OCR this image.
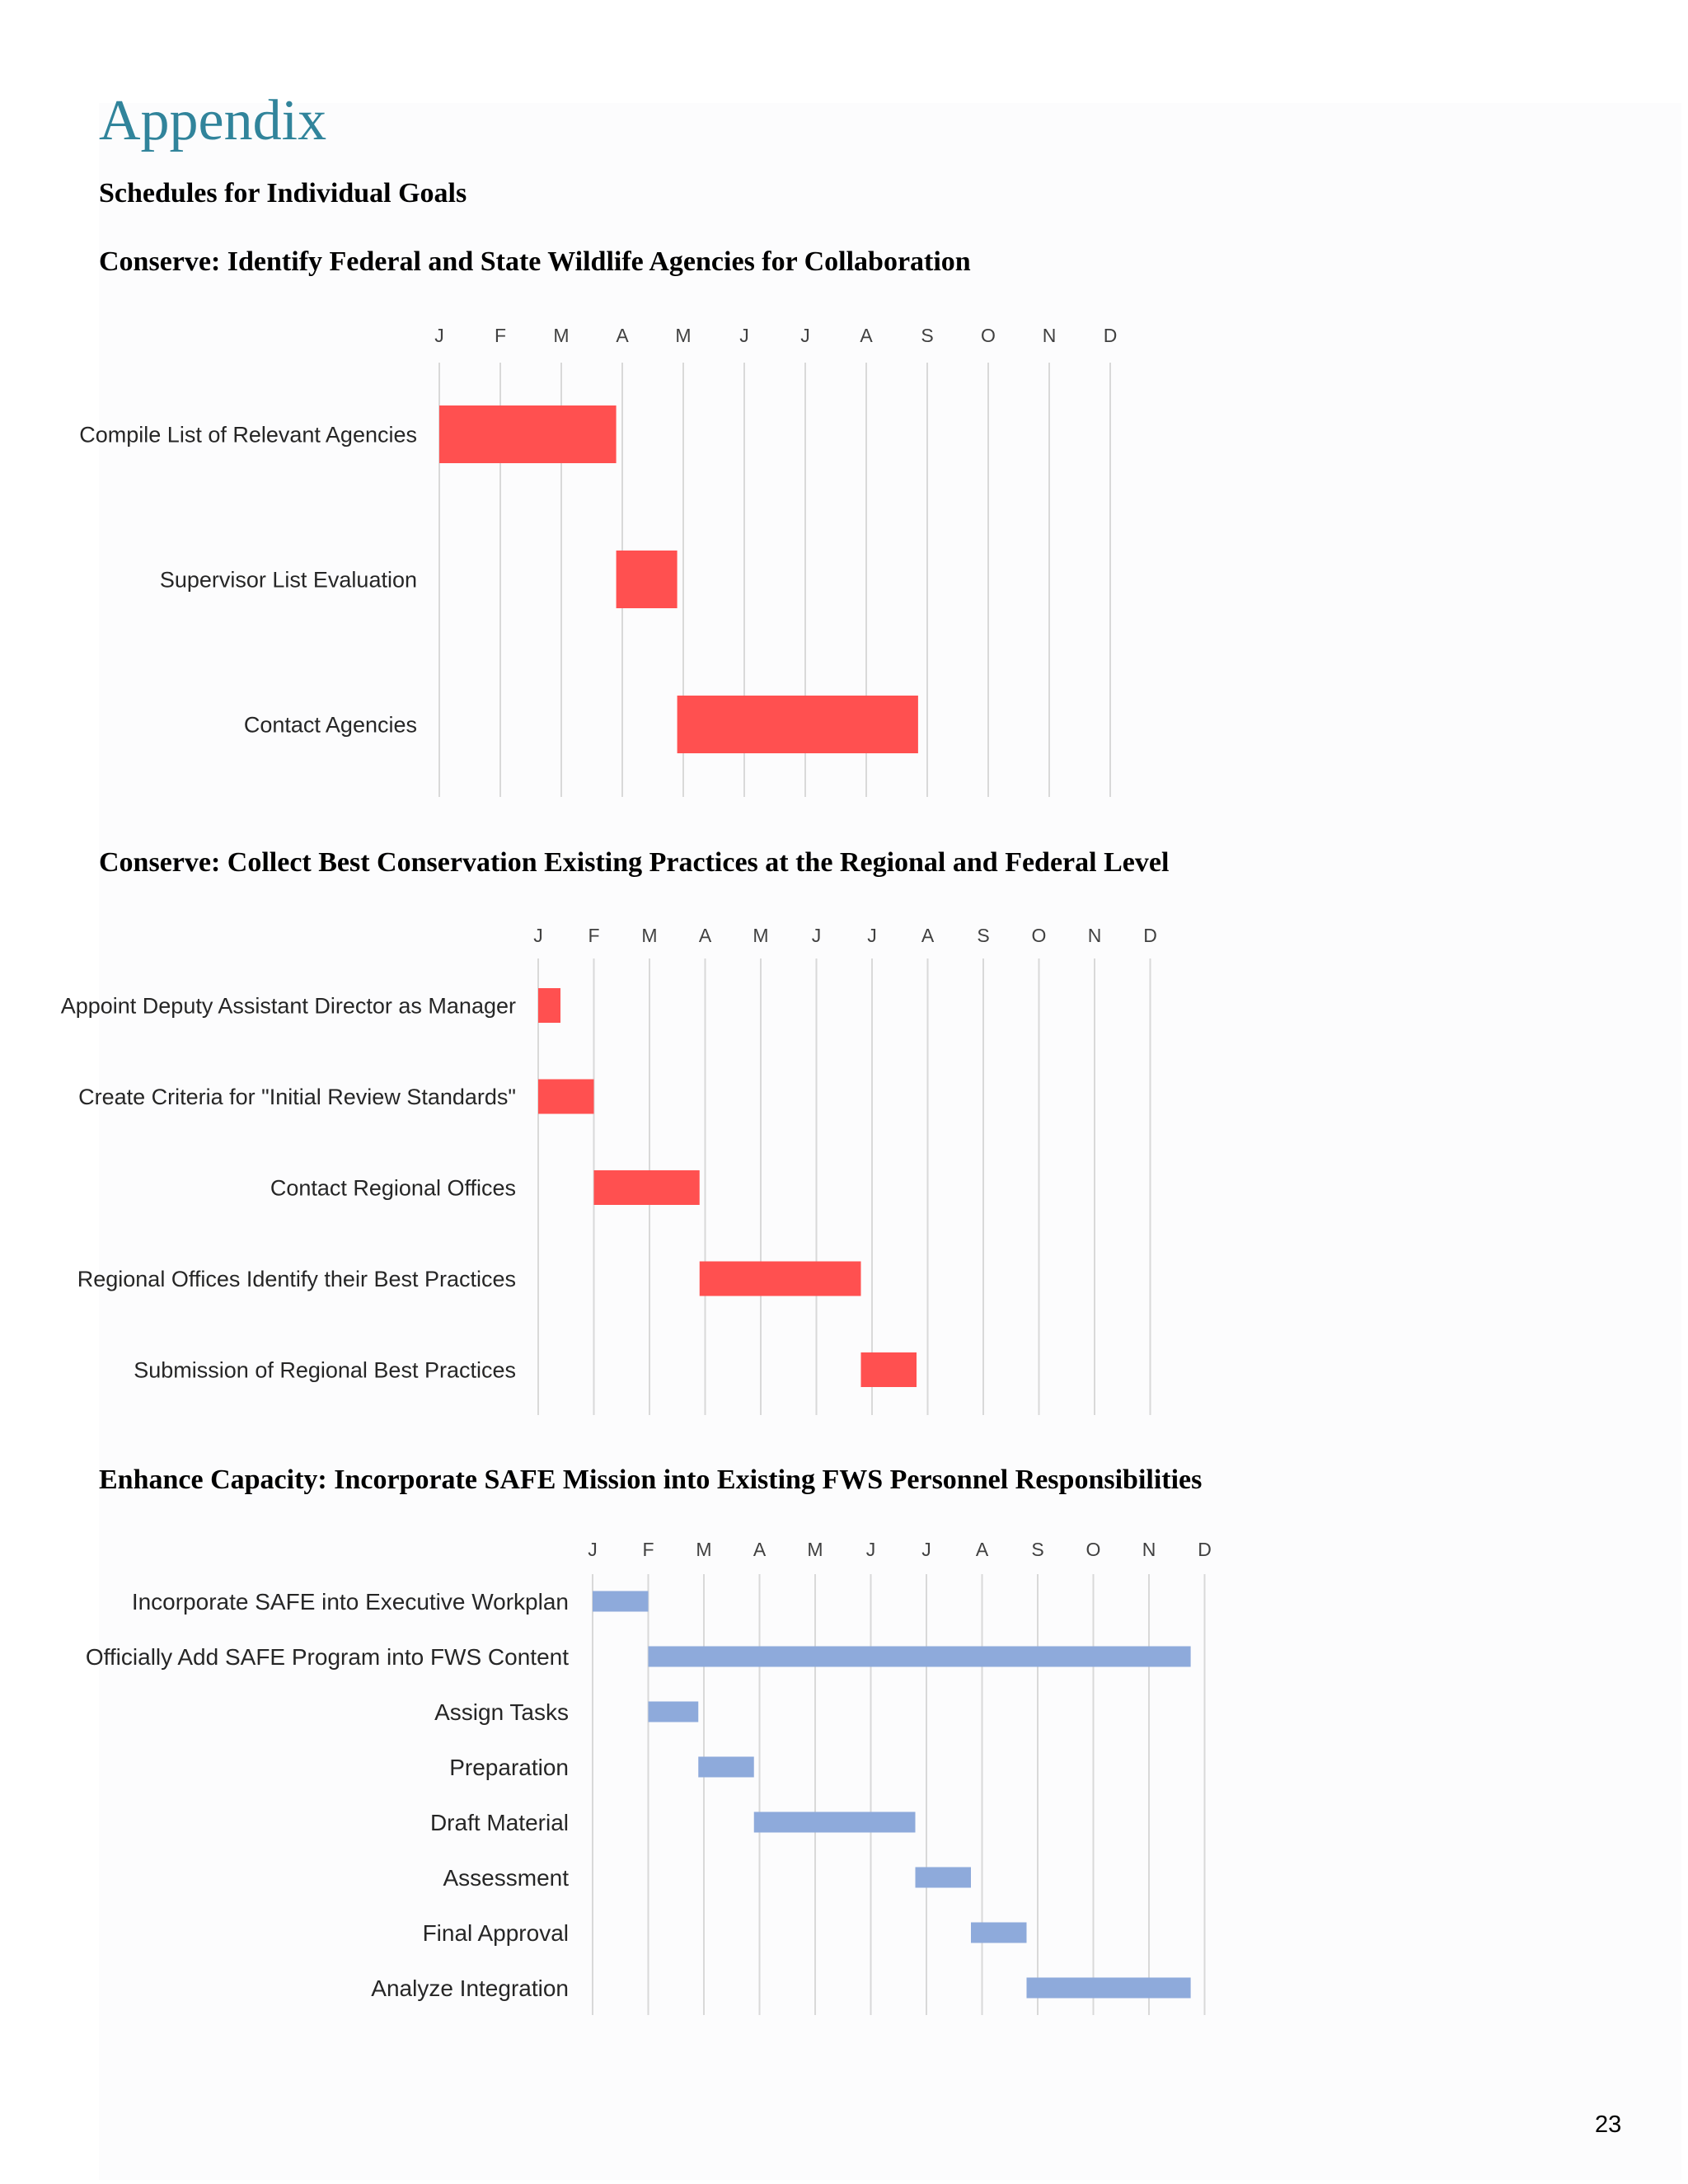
Appendix
Schedules for Individual Goals
Conserve: Identify Federal and State Wildlife Agencies for Collaboration
J	F M A M	J	J	A	S O N D
Compile List of Relevant Agencies
Supervisor List Evaluation
Contact Agencies
Conserve: Collect Best Conservation Existing Practices at the Regional and Federal Level
J F M A M J J A S O N D
Appoint Deputy Assistant Director as Manager
Create Criteria for "Initial Review Standards"
Contact Regional Offices
Regional Offices Identify their Best Practices
Submission of Regional Best Practices
Enhance Capacity: Incorporate SAFE Mission into Existing FWS Personnel Responsibilities
J F M A M J J A S O N D
Incorporate SAFE into Executive Workplan
Officially Add SAFE Program into FWS Content
Assign Tasks
Preparation
Draft Material
Assessment
Final Approval
Analyze Integration
23
